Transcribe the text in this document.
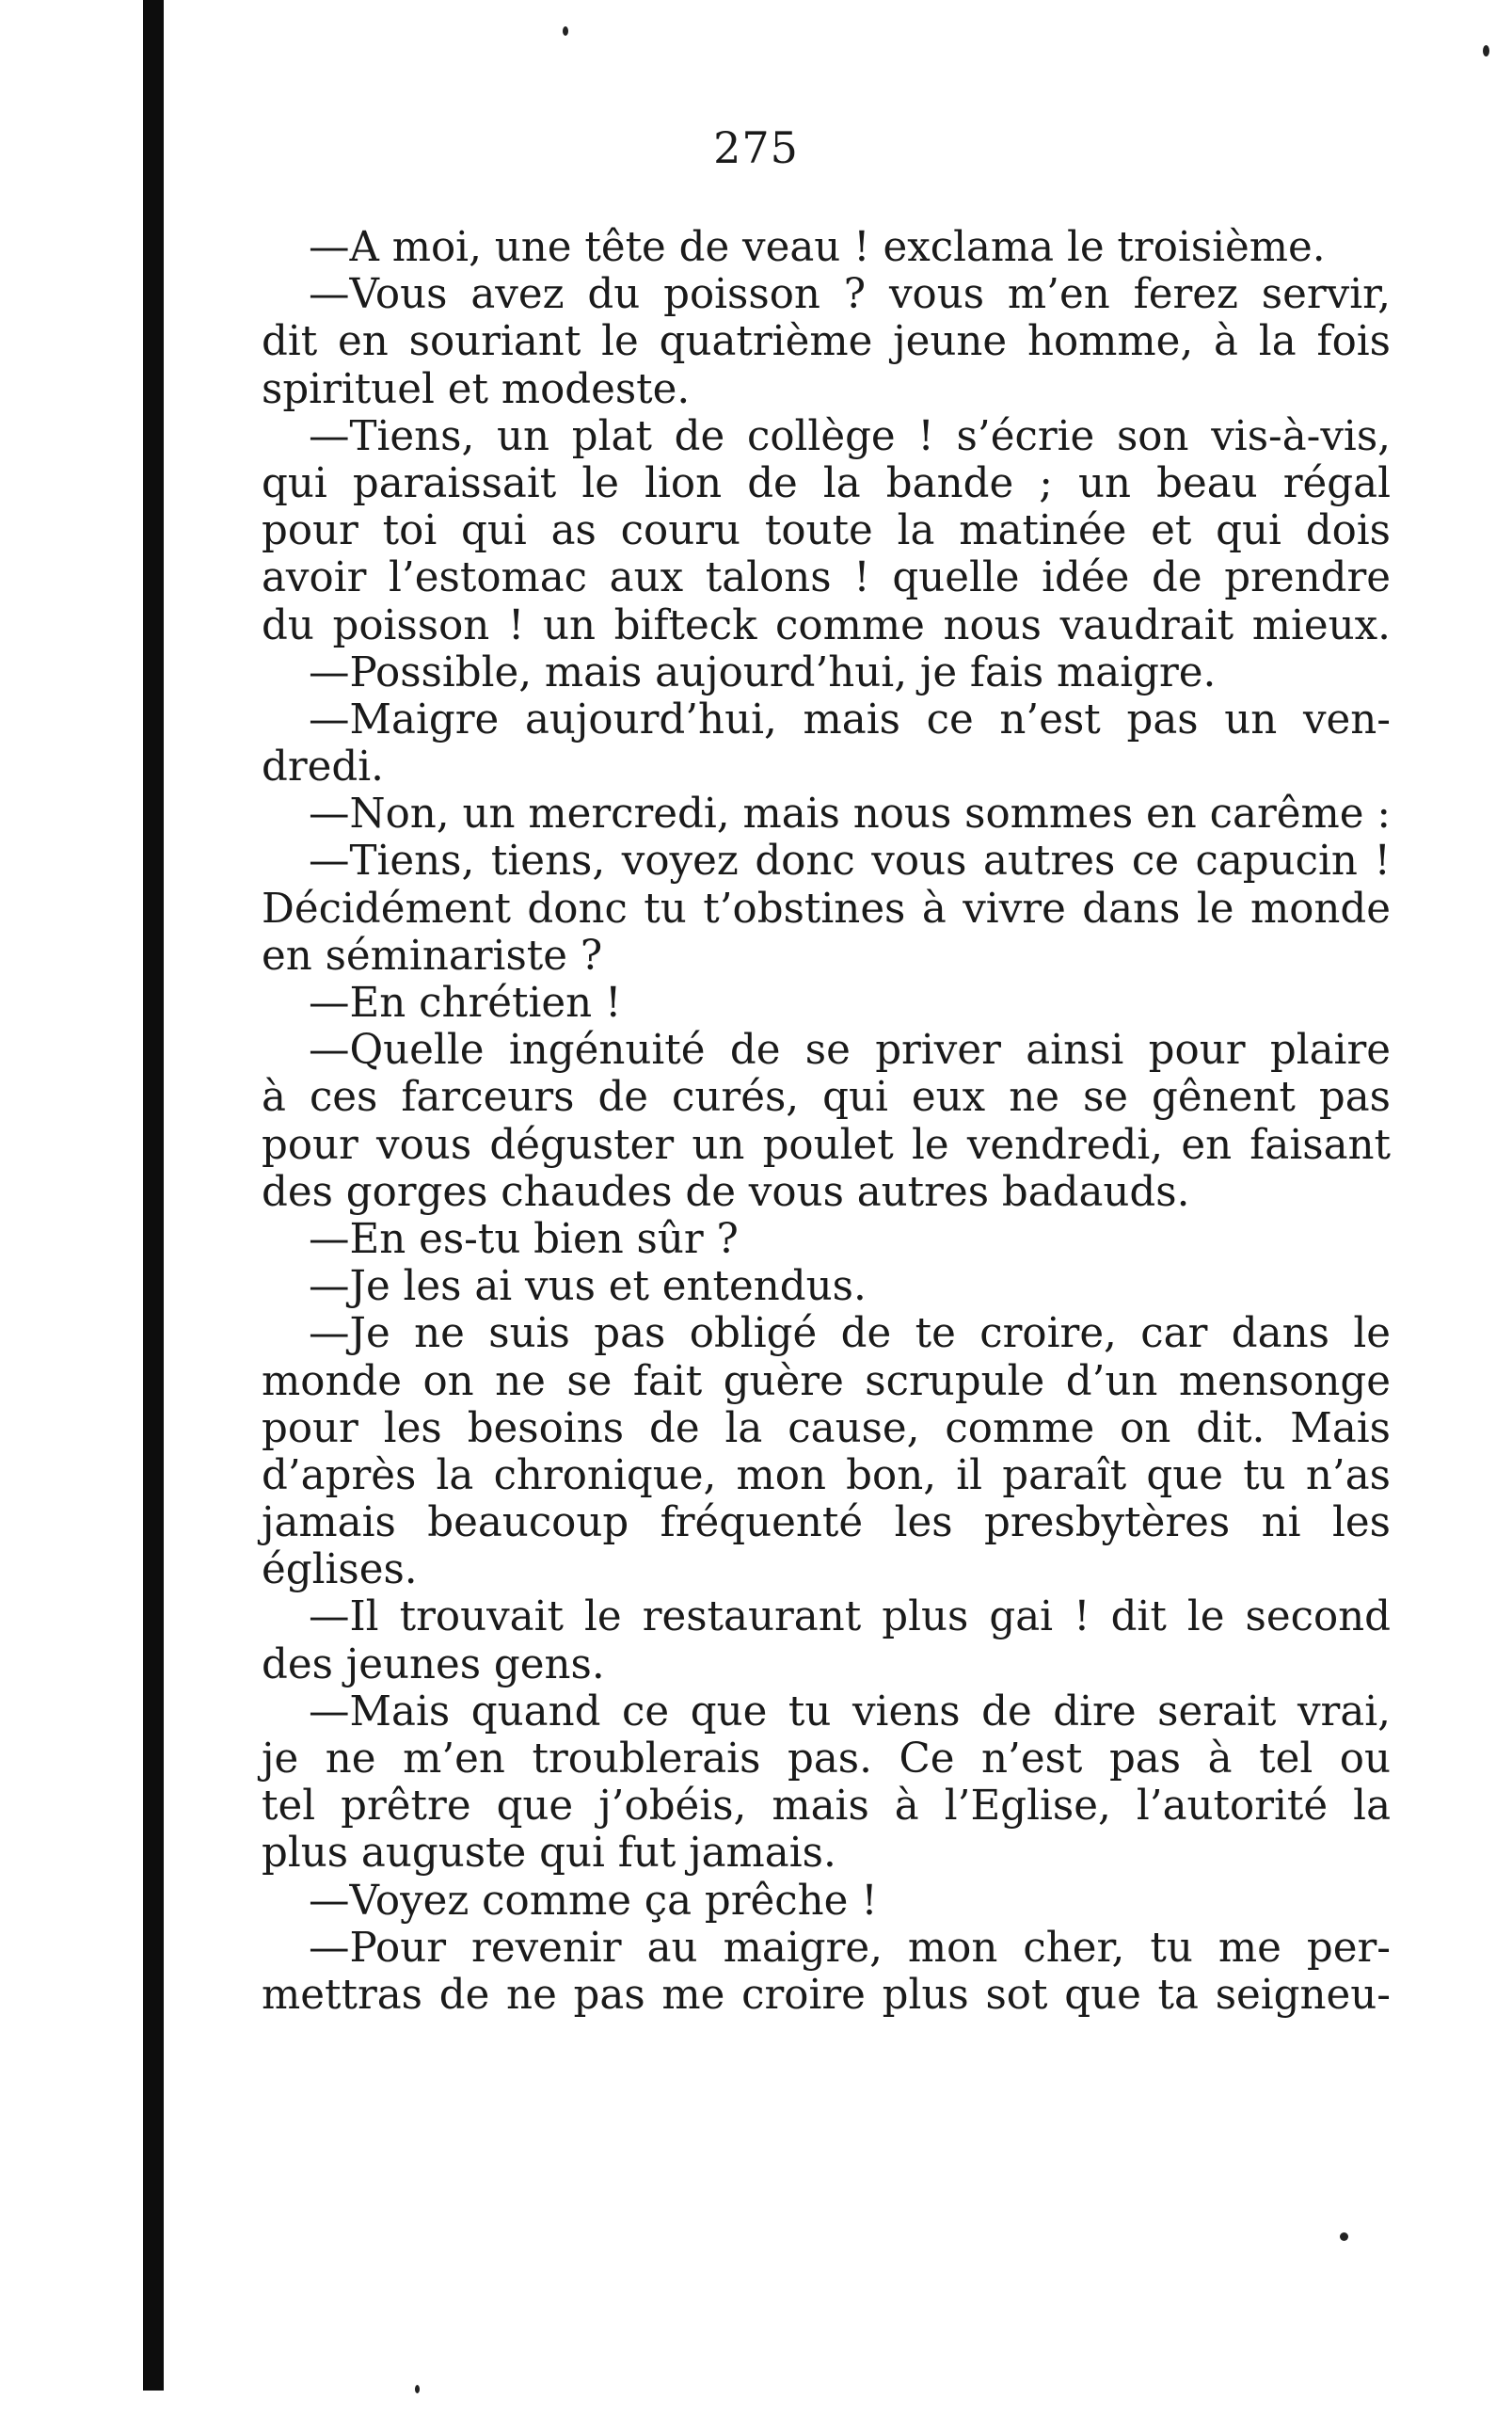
275
—A moi, une tête de veau ! exclama le troisième.
—Vous avez du poisson ? vous m’en ferez servir,
dit en souriant le quatrième jeune homme, à la fois
spirituel et modeste.
—Tiens, un plat de collège ! s’écrie son vis-à-vis,
qui paraissait le lion de la bande ; un beau régal
pour toi qui as couru toute la matinée et qui dois
avoir l’estomac aux talons ! quelle idée de prendre
du poisson ! un bifteck comme nous vaudrait mieux.
—Possible, mais aujourd’hui, je fais maigre.
—Maigre aujourd’hui, mais ce n’est pas un ven-
dredi.
—Non, un mercredi, mais nous sommes en carême :
—Tiens, tiens, voyez donc vous autres ce capucin !
Décidément donc tu t’obstines à vivre dans le monde
en séminariste ?
—En chrétien !
—Quelle ingénuité de se priver ainsi pour plaire
à ces farceurs de curés, qui eux ne se gênent pas
pour vous déguster un poulet le vendredi, en faisant
des gorges chaudes de vous autres badauds.
—En es-tu bien sûr ?
—Je les ai vus et entendus.
—Je ne suis pas obligé de te croire, car dans le
monde on ne se fait guère scrupule d’un mensonge
pour les besoins de la cause, comme on dit. Mais
d’après la chronique, mon bon, il paraît que tu n’as
jamais beaucoup fréquenté les presbytères ni les
églises.
—Il trouvait le restaurant plus gai ! dit le second
des jeunes gens.
—Mais quand ce que tu viens de dire serait vrai,
je ne m’en troublerais pas. Ce n’est pas à tel ou
tel prêtre que j’obéis, mais à l’Eglise, l’autorité la
plus auguste qui fut jamais.
—Voyez comme ça prêche !
—Pour revenir au maigre, mon cher, tu me per-
mettras de ne pas me croire plus sot que ta seigneu-
